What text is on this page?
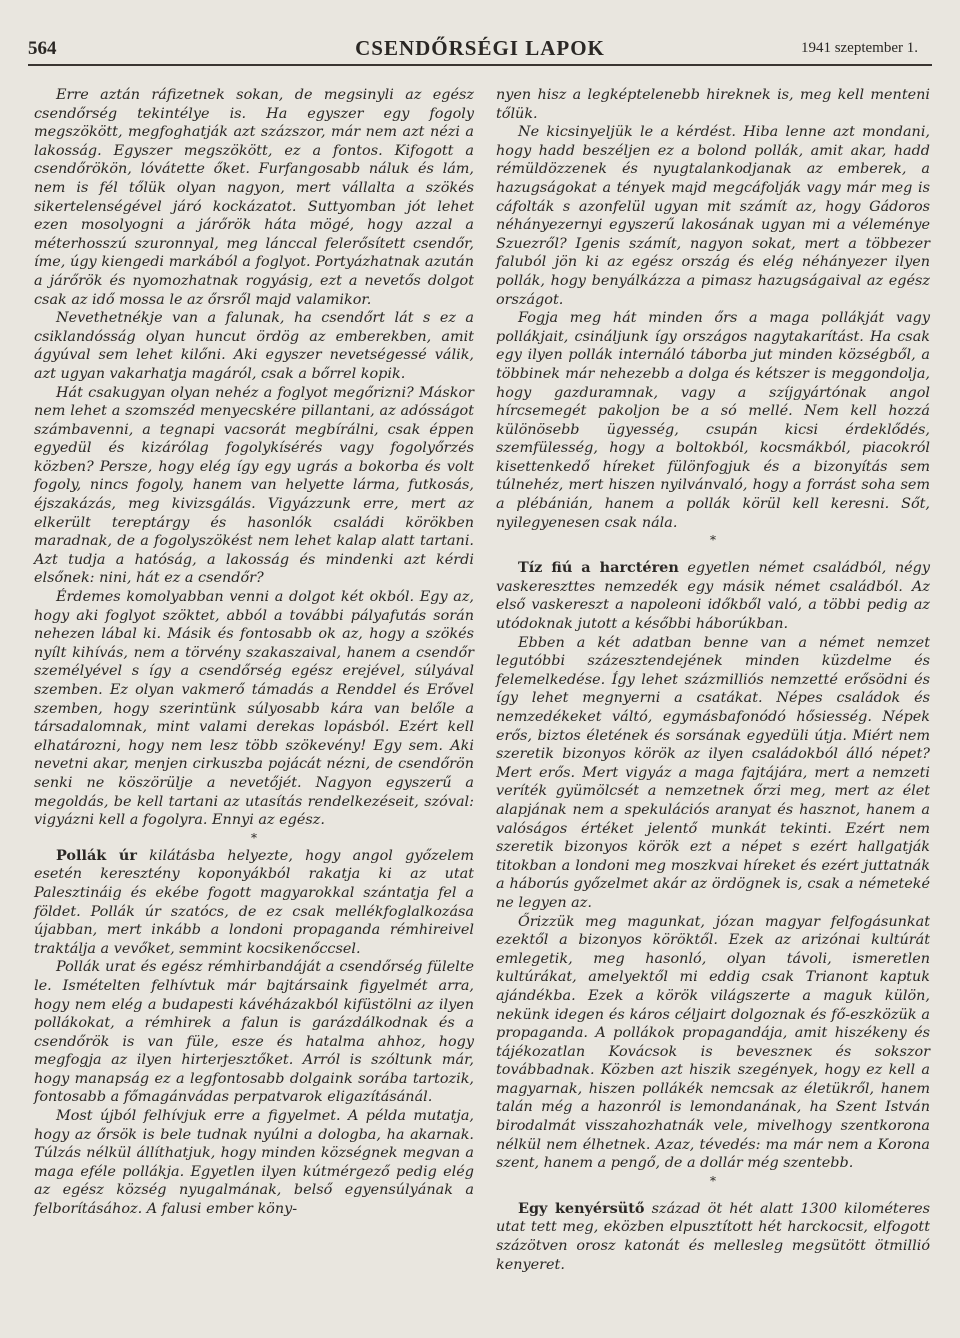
564	CSENDŐRSÉGI LAPOK	1941 szeptember 1.

Erre aztán ráfizetnek sokan, de megsinyli az egész csendőrség tekintélye is. Ha egyszer egy fogoly megszökött, megfoghatják azt százszor, már nem azt nézi a lakosság. Egyszer megszökött, ez a fontos. Kifogott a csendőrökön, lóvátette őket. Furfangosabb náluk és lám, nem is fél tőlük olyan nagyon, mert vállalta a szökés sikertelenségével járó kockázatot. Suttyomban jót lehet ezen mosolyogni a járőrök háta mögé, hogy azzal a méterhosszú szuronnyal, meg lánccal felerősített csendőr, íme, úgy kiengedi markából a foglyot. Portyázhatnak azután a járőrök és nyomozhatnak rogyásig, ezt a nevetős dolgot csak az idő mossa le az őrsről majd valamikor.

Nevethetnékje van a falunak, ha csendőrt lát s ez a csiklandósság olyan huncut ördög az emberekben, amit ágyúval sem lehet kilőni. Aki egyszer nevetségessé válik, azt ugyan vakarhatja magáról, csak a bőrrel kopik.

Hát csakugyan olyan nehéz a foglyot megőrizni? Máskor nem lehet a szomszéd menyecskére pillantani, az adósságot számbavenni, a tegnapi vacsorát megbírálni, csak éppen egyedül és kizárólag fogolykísérés vagy fogolyőrzés közben? Persze, hogy elég így egy ugrás a bokorba és volt fogoly, nincs fogoly, hanem van helyette lárma, futkosás, éjszakázás, meg kivizsgálás. Vigyázzunk erre, mert az elkerült tereptárgy és hasonlók családi körökben maradnak, de a fogolyszökést nem lehet kalap alatt tartani. Azt tudja a hatóság, a lakosság és mindenki azt kérdi elsőnek: nini, hát ez a csendőr?

Érdemes komolyabban venni a dolgot két okból. Egy az, hogy aki foglyot szöktet, abból a további pályafutás során nehezen lábal ki. Másik és fontosabb ok az, hogy a szökés nyílt kihívás, nem a törvény szakaszaival, hanem a csendőr személyével s így a csendőrség egész erejével, súlyával szemben. Ez olyan vakmerő támadás a Renddel és Erővel szemben, hogy szerintünk súlyosabb kára van belőle a társadalomnak, mint valami derekas lopásból. Ezért kell elhatározni, hogy nem lesz több szökevény! Egy sem. Aki nevetni akar, menjen cirkuszba pojácát nézni, de csendőrön senki ne köszörülje a nevetőjét. Nagyon egyszerű a megoldás, be kell tartani az utasítás rendelkezéseit, szóval: vigyázni kell a fogolyra. Ennyi az egész.

*

Pollák úr kilátásba helyezte, hogy angol győzelem esetén keresztény koponyákból rakatja ki az utat Palesztináig és ekébe fogott magyarokkal szántatja fel a földet. Pollák úr szatócs, de ez csak mellékfoglalkozása újabban, mert inkább a londoni propaganda rémhireivel traktálja a vevőket, semmint kocsikenőccsel.

Pollák urat és egész rémhirbandáját a csendőrség fülelte le. Ismételten felhívtuk már bajtársaink figyelmét arra, hogy nem elég a budapesti kávéházakból kifüstölni az ilyen pollákokat, a rémhirek a falun is garázdálkodnak és a csendőrök is van füle, esze és hatalma ahhoz, hogy megfogja az ilyen hirterjesztőket. Arról is szóltunk már, hogy manapság ez a legfontosabb dolgaink sorába tartozik, fontosabb a főmagánvádas perpatvarok eligazításánál.

Most újból felhívjuk erre a figyelmet. A példa mutatja, hogy az őrsök is bele tudnak nyúlni a dologba, ha akarnak. Túlzás nélkül állíthatjuk, hogy minden községnek megvan a maga eféle pollákja. Egyetlen ilyen kútmérgező pedig elég az egész község nyugalmának, belső egyensúlyának a felborításához. A falusi ember köny-

nyen hisz a legképtelenebb hireknek is, meg kell menteni tőlük.

Ne kicsinyeljük le a kérdést. Hiba lenne azt mondani, hogy hadd beszéljen ez a bolond pollák, amit akar, hadd rémüldözzenek és nyugtalankodjanak az emberek, a hazugságokat a tények majd megcáfolják vagy már meg is cáfolták s azonfelül ugyan mit számít az, hogy Gádoros néhányezernyi egyszerű lakosának ugyan mi a véleménye Szuezről? Igenis számít, nagyon sokat, mert a többezer faluból jön ki az egész ország és elég néhányezer ilyen pollák, hogy benyálkázza a pimasz hazugságaival az egész országot.

Fogja meg hát minden őrs a maga pollákját vagy pollákjait, csináljunk így országos nagytakarítást. Ha csak egy ilyen pollák internáló táborba jut minden községből, a többinek már nehezebb a dolga és kétszer is meggondolja, hogy gazduramnak, vagy a szíjgyártónak angol hírcsemegét pakoljon be a só mellé. Nem kell hozzá különösebb ügyesség, csupán kicsi érdeklődés, szemfülesség, hogy a boltokból, kocsmákból, piacokról kisettenkedő híreket fülönfogjuk és a bizonyítás sem túlnehéz, mert hiszen nyilvánvaló, hogy a forrást soha sem a plébánián, hanem a pollák körül kell keresni. Sőt, nyilegyenesen csak nála.

*

Tíz fiú a harctéren egyetlen német családból, négy vaskereszttes nemzedék egy másik német családból. Az első vaskereszt a napoleoni időkből való, a többi pedig az utódoknak jutott a későbbi háborúkban.

Ebben a két adatban benne van a német nemzet legutóbbi százesztendejének minden küzdelme és felemelkedése. Így lehet százmilliós nemzetté erősödni és így lehet megnyerni a csatákat. Népes családok és nemzedékeket váltó, egymásbafonódó hősiesség. Népek erős, biztos életének és sorsának egyedüli útja. Miért nem szeretik bizonyos körök az ilyen családokból álló népet? Mert erős. Mert vigyáz a maga fajtájára, mert a nemzeti veríték gyümölcsét a nemzetnek őrzi meg, mert az élet alapjának nem a spekulációs aranyat és hasznot, hanem a valóságos értéket jelentő munkát tekinti. Ezért nem szeretik bizonyos körök ezt a népet s ezért hallgatják titokban a londoni meg moszkvai híreket és ezért juttatnák a háborús győzelmet akár az ördögnek is, csak a németeké ne legyen az.

Őrizzük meg magunkat, józan magyar felfogásunkat ezektől a bizonyos köröktől. Ezek az arizónai kultúrát emlegetik, meg hasonló, olyan távoli, ismeretlen kultúrákat, amelyektől mi eddig csak Trianont kaptuk ajándékba. Ezek a körök világszerte a maguk külön, nekünk idegen és káros céljairt dolgoznak és fő-eszközük a propaganda. A pollákok propagandája, amit hiszékeny és tájékozatlan Kovácsok is beveszneк és sokszor továbbadnak. Közben azt hiszik szegények, hogy ez kell a magyarnak, hiszen pollákék nemcsak az életükről, hanem talán még a hazonról is lemondanának, ha Szent István birodalmát visszahozhatnák vele, mivelhogy szentkorona nélkül nem élhetnek. Azaz, tévedés: ma már nem a Korona szent, hanem a pengő, de a dollár még szentebb.

*

Egy kenyérsütő század öt hét alatt 1300 kilométeres utat tett meg, eközben elpusztított hét harckocsit, elfogott százötven orosz katonát és mellesleg megsütött ötmillió kenyeret.
